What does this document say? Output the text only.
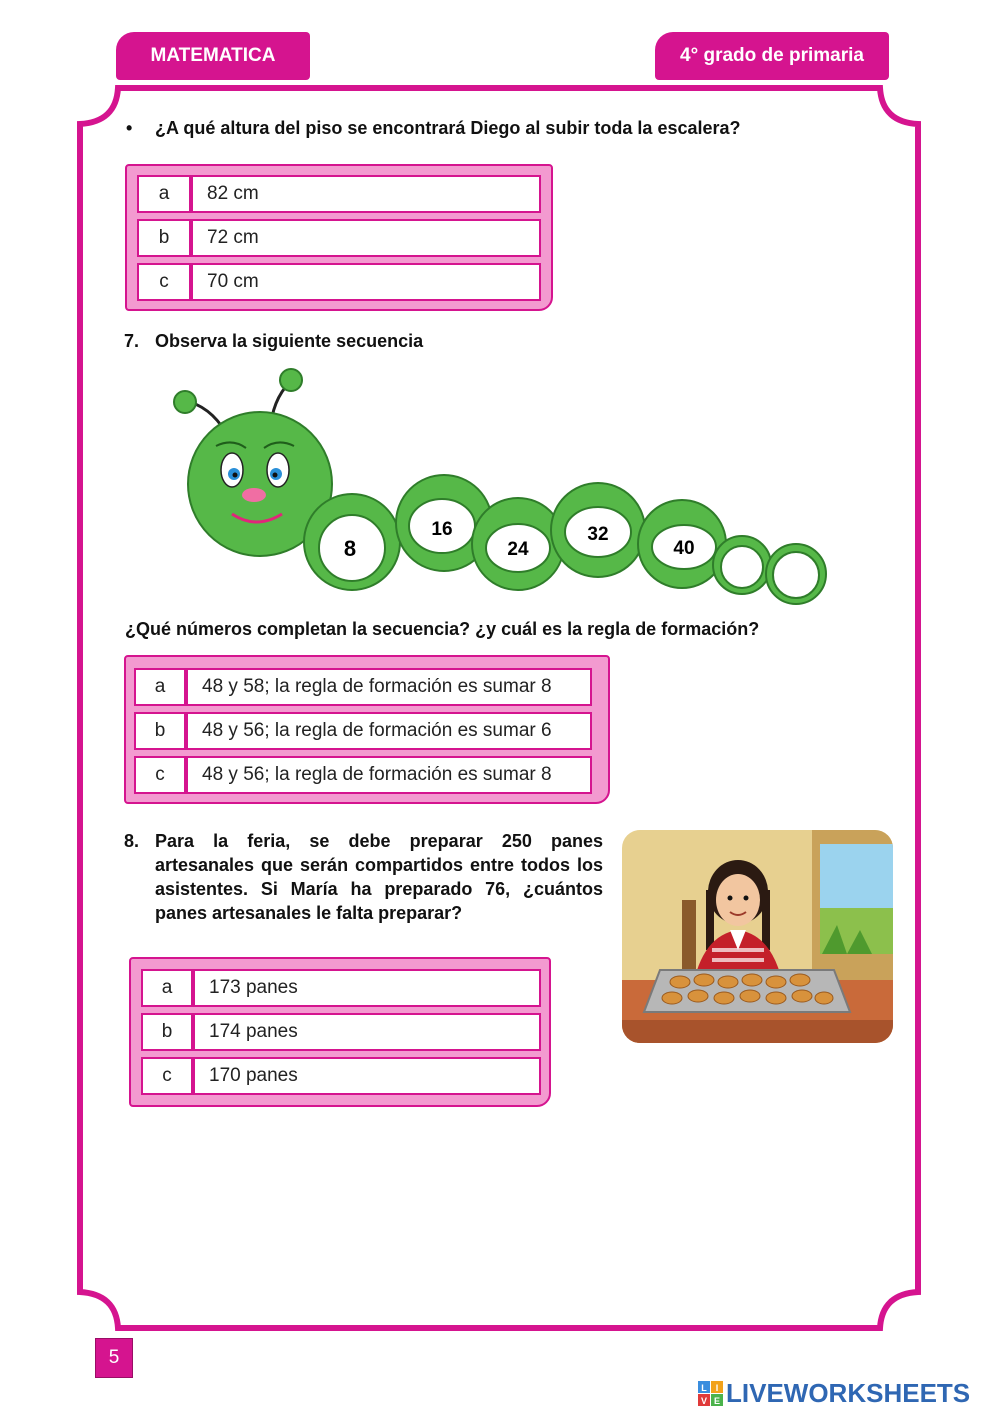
MATEMATICA	4° grado de primaria
• ¿A qué altura del piso se encontrará Diego al subir toda la escalera?
a	82 cm
b	72 cm
c	70 cm
7. Observa la siguiente secuencia
8
16
24
32
40
¿Qué números completan la secuencia? ¿y cuál es la regla de formación?
a	48 y 58; la regla de formación es sumar 8
b	48 y 56; la regla de formación es sumar 6
c	48 y 56; la regla de formación es sumar 8
8. Para la feria, se debe preparar 250 panes artesanales que serán compartidos entre todos los asistentes. Si María ha preparado 76, ¿cuántos panes artesanales le falta preparar?
a	173 panes
b	174 panes
c	170 panes
5
L I
V E LIVEWORKSHEETS
